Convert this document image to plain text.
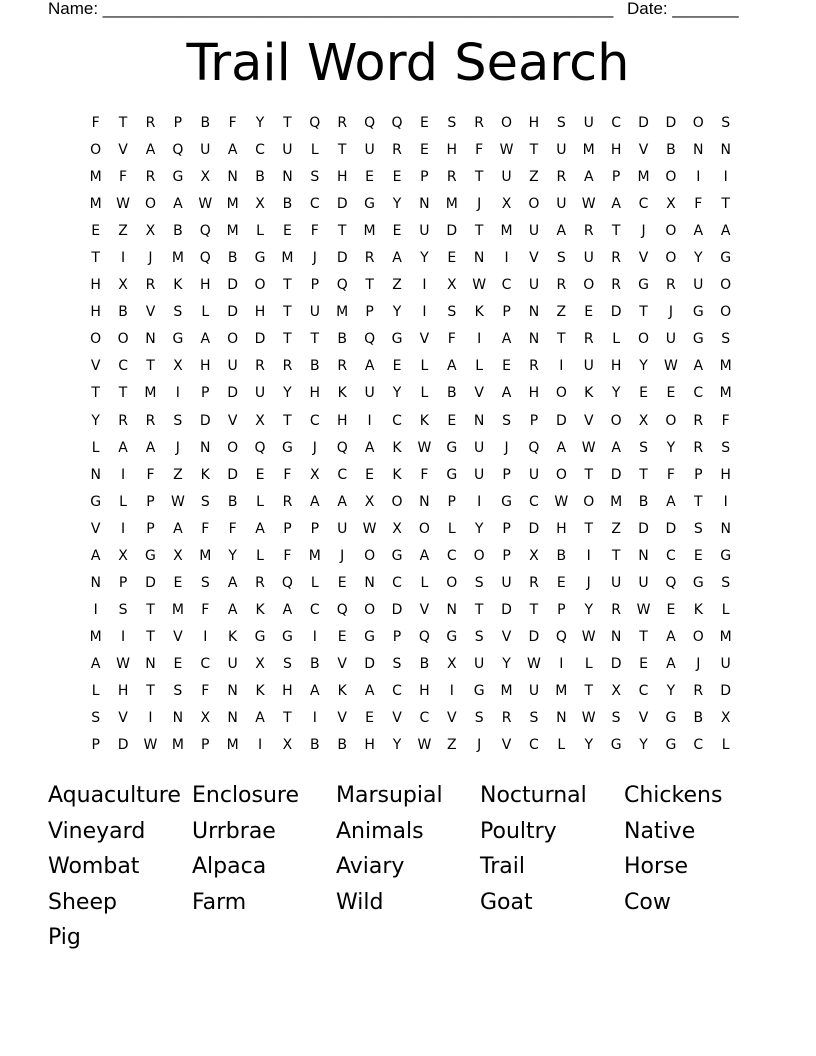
Name: ______________________________________________________ Date: _______
Trail Word Search
F	T	R	P	B	F	Y	T	Q	R	Q	Q	E	S	R	O	H	S	U	C	D	D	O	S
O	V	A	Q	U	A	C	U	L	T	U	R	E	H	F	W	T	U	M	H	V	B	N	N
M	F	R	G	X	N	B	N	S	H	E	E	P	R	T	U	Z	R	A	P	M	O	I	I
M	W	O	A	W	M	X	B	C	D	G	Y	N	M	J	X	O	U	W	A	C	X	F	T
E	Z	X	B	Q	M	L	E	F	T	M	E	U	D	T	M	U	A	R	T	J	O	A	A
T	I	J	M	Q	B	G	M	J	D	R	A	Y	E	N	I	V	S	U	R	V	O	Y	G
H	X	R	K	H	D	O	T	P	Q	T	Z	I	X	W	C	U	R	O	R	G	R	U	O
H	B	V	S	L	D	H	T	U	M	P	Y	I	S	K	P	N	Z	E	D	T	J	G	O
O	O	N	G	A	O	D	T	T	B	Q	G	V	F	I	A	N	T	R	L	O	U	G	S
V	C	T	X	H	U	R	R	B	R	A	E	L	A	L	E	R	I	U	H	Y	W	A	M
T	T	M	I	P	D	U	Y	H	K	U	Y	L	B	V	A	H	O	K	Y	E	E	C	M
Y	R	R	S	D	V	X	T	C	H	I	C	K	E	N	S	P	D	V	O	X	O	R	F
L	A	A	J	N	O	Q	G	J	Q	A	K	W	G	U	J	Q	A	W	A	S	Y	R	S
N	I	F	Z	K	D	E	F	X	C	E	K	F	G	U	P	U	O	T	D	T	F	P	H
G	L	P	W	S	B	L	R	A	A	X	O	N	P	I	G	C	W	O	M	B	A	T	I
V	I	P	A	F	F	A	P	P	U	W	X	O	L	Y	P	D	H	T	Z	D	D	S	N
A	X	G	X	M	Y	L	F	M	J	O	G	A	C	O	P	X	B	I	T	N	C	E	G
N	P	D	E	S	A	R	Q	L	E	N	C	L	O	S	U	R	E	J	U	U	Q	G	S
I	S	T	M	F	A	K	A	C	Q	O	D	V	N	T	D	T	P	Y	R	W	E	K	L
M	I	T	V	I	K	G	G	I	E	G	P	Q	G	S	V	D	Q	W	N	T	A	O	M
A	W	N	E	C	U	X	S	B	V	D	S	B	X	U	Y	W	I	L	D	E	A	J	U
L	H	T	S	F	N	K	H	A	K	A	C	H	I	G	M	U	M	T	X	C	Y	R	D
S	V	I	N	X	N	A	T	I	V	E	V	C	V	S	R	S	N	W	S	V	G	B	X
P	D	W	M	P	M	I	X	B	B	H	Y	W	Z	J	V	C	L	Y	G	Y	G	C	L
Aquaculture Enclosure	Marsupial	Nocturnal	Chickens
Vineyard	Urrbrae	Animals	Poultry	Native
Wombat	Alpaca	Aviary	Trail	Horse
Sheep	Farm	Wild	Goat	Cow
Pig
